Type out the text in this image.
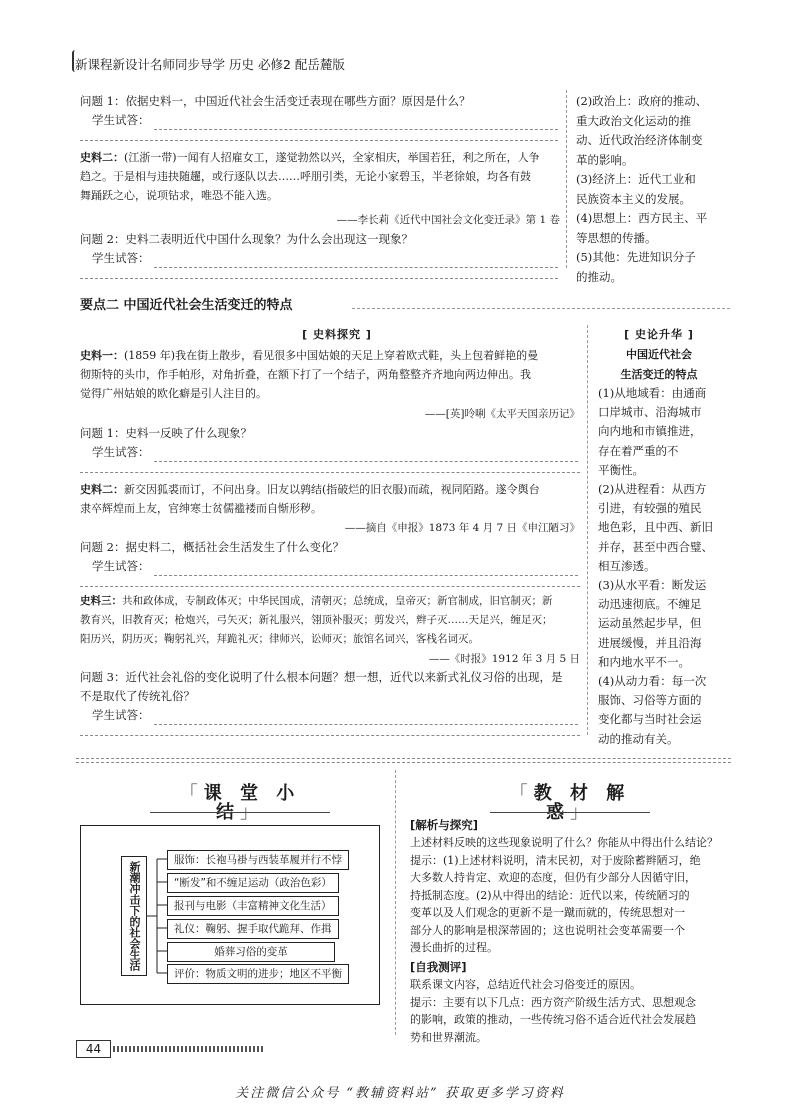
新课程新设计名师同步导学 历史 必修2 配岳麓版
问题 1：依据史料一，中国近代社会生活变迁表现在哪些方面？原因是什么？
学生试答：
史料二：(江浙一带)一闻有人招雇女工，遂觉勃然以兴，全家相庆，举国若狂，利之所在，人争
趋之。于是相与违抉随趯，或行逐队以去……呼朋引类，无论小家碧玉，半老徐娘，均各有鼓
舞踊跃之心，说项钻求，唯恐不能入选。
——李长莉《近代中国社会文化变迁录》第 1 卷
问题 2：史料二表明近代中国什么现象？为什么会出现这一现象？
学生试答：
(2)政治上：政府的推动、
重大政治文化运动的推
动、近代政治经济体制变
革的影响。
(3)经济上：近代工业和
民族资本主义的发展。
(4)思想上：西方民主、平
等思想的传播。
(5)其他：先进知识分子
的推动。
要点二 中国近代社会生活变迁的特点
[ 史料探究 ]
史料一：(1859 年)我在街上散步，看见很多中国姑娘的天足上穿着欧式鞋，头上包着鲜艳的曼
彻斯特的头巾，作手帕形，对角折叠，在额下打了一个结子，两角整整齐齐地向两边伸出。我
觉得广州姑娘的欧化癖是引人注目的。
——[英]呤唎《太平天国亲历记》
问题 1：史料一反映了什么现象？
学生试答：
史料二：新交因狐裘而订，不问出身。旧友以鹑结(指破烂的旧衣服)而疏，视同陌路。遂令舆台
隶卒辉煌而上友，官绅寒士贫儒褴褛而自惭形秽。
——摘自《申报》1873 年 4 月 7 日《申江陋习》
问题 2：据史料二，概括社会生活发生了什么变化？
学生试答：
史料三：共和政体成，专制政体灭；中华民国成，清朝灭；总统成，皇帝灭；新官制成，旧官制灭；新
教育兴，旧教育灭；枪炮兴，弓矢灭；新礼服兴，翎顶补服灭；剪发兴，辫子灭……天足兴，缠足灭；
阳历兴，阴历灭；鞠躬礼兴，拜跪礼灭；律师兴，讼师灭；旅馆名词兴，客栈名词灭。
——《时报》1912 年 3 月 5 日
问题 3：近代社会礼俗的变化说明了什么根本问题？想一想，近代以来新式礼仪习俗的出现，是
不是取代了传统礼俗？
学生试答：
[ 史论升华 ]
中国近代社会
生活变迁的特点
(1)从地域看：由通商
口岸城市、沿海城市
向内地和市镇推进，
存在着严重的不
平衡性。
(2)从进程看：从西方
引进，有较强的殖民
地色彩，且中西、新旧
并存，甚至中西合璧、
相互渗透。
(3)从水平看：断发运
动迅速彻底。不缠足
运动虽然起步早，但
进展缓慢，并且沿海
和内地水平不一。
(4)从动力看：每一次
服饰、习俗等方面的
变化都与当时社会运
动的推动有关。
「课 堂 小 结」
新潮冲击下的社会生活
服饰：长袍马褂与西装革履并行不悖
“断发”和不缠足运动（政治色彩）
报刊与电影（丰富精神文化生活）
礼仪：鞠躬、握手取代跪拜、作揖
婚葬习俗的变革
评价：物质文明的进步；地区不平衡
「教 材 解 惑」
[解析与探究]
上述材料反映的这些现象说明了什么？你能从中得出什么结论？
提示：(1)上述材料说明，清末民初，对于废除蓄辫陋习，绝
大多数人持肯定、欢迎的态度，但仍有少部分人因循守旧，
持抵制态度。(2)从中得出的结论：近代以来，传统陋习的
变革以及人们观念的更新不是一蹴而就的，传统思想对一
部分人的影响是根深蒂固的；这也说明社会变革需要一个
漫长曲折的过程。
[自我测评]
联系课文内容，总结近代社会习俗变迁的原因。
提示：主要有以下几点：西方资产阶级生活方式、思想观念
的影响，政策的推动，一些传统习俗不适合近代社会发展趋
势和世界潮流。
44
关注微信公众号 “教辅资料站” 获取更多学习资料
